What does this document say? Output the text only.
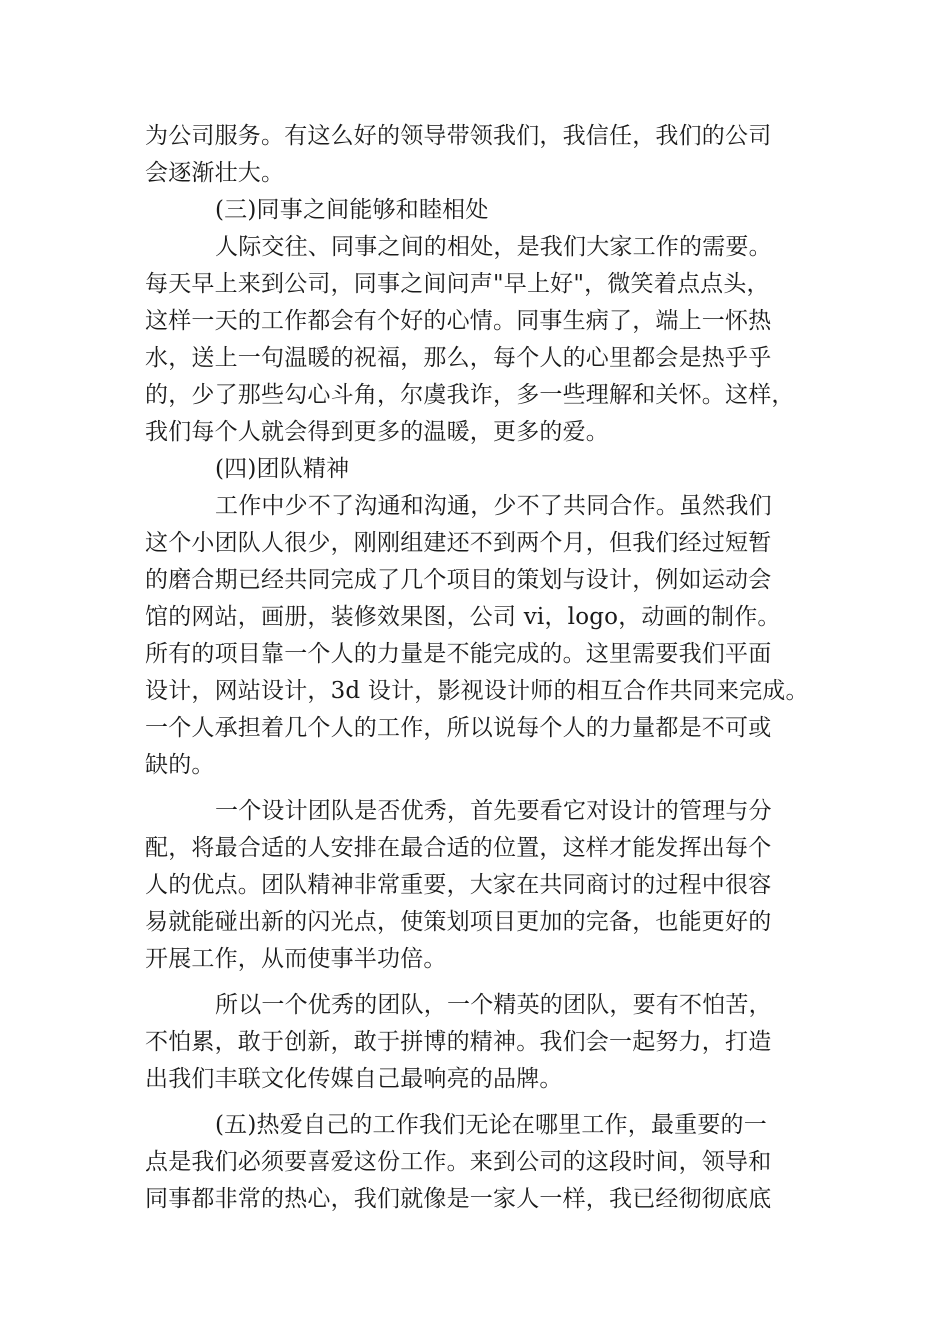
为公司服务。有这么好的领导带领我们，我信任，我们的公司
会逐渐壮大。
(三)同事之间能够和睦相处
人际交往、同事之间的相处，是我们大家工作的需要。
每天早上来到公司，同事之间问声"早上好"，微笑着点点头，
这样一天的工作都会有个好的心情。同事生病了，端上一怀热
水，送上一句温暖的祝福，那么，每个人的心里都会是热乎乎
的，少了那些勾心斗角，尔虞我诈，多一些理解和关怀。这样，
我们每个人就会得到更多的温暖，更多的爱。
(四)团队精神
工作中少不了沟通和沟通，少不了共同合作。虽然我们
这个小团队人很少，刚刚组建还不到两个月，但我们经过短暂
的磨合期已经共同完成了几个项目的策划与设计，例如运动会
馆的网站，画册，装修效果图，公司 vi，logo，动画的制作。
所有的项目靠一个人的力量是不能完成的。这里需要我们平面
设计，网站设计，3d 设计，影视设计师的相互合作共同来完成。
一个人承担着几个人的工作，所以说每个人的力量都是不可或
缺的。
一个设计团队是否优秀，首先要看它对设计的管理与分
配，将最合适的人安排在最合适的位置，这样才能发挥出每个
人的优点。团队精神非常重要，大家在共同商讨的过程中很容
易就能碰出新的闪光点，使策划项目更加的完备，也能更好的
开展工作，从而使事半功倍。
所以一个优秀的团队，一个精英的团队，要有不怕苦，
不怕累，敢于创新，敢于拼博的精神。我们会一起努力，打造
出我们丰联文化传媒自己最响亮的品牌。
(五)热爱自己的工作我们无论在哪里工作，最重要的一
点是我们必须要喜爱这份工作。来到公司的这段时间，领导和
同事都非常的热心，我们就像是一家人一样，我已经彻彻底底
